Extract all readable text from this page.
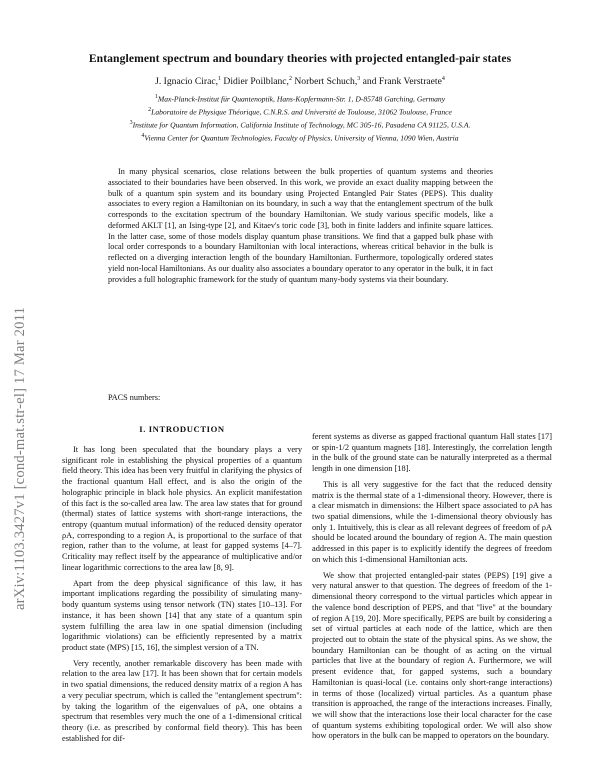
Entanglement spectrum and boundary theories with projected entangled-pair states
J. Ignacio Cirac,$^1$ Didier Poilblanc,$^2$ Norbert Schuch,$^3$ and Frank Verstraete$^4$
$^1$Max-Planck-Institut für Quantenoptik, Hans-Kopfermann-Str. 1, D-85748 Garching, Germany
$^2$Laboratoire de Physique Théorique, C.N.R.S. and Université de Toulouse, 31062 Toulouse, France
$^3$Institute for Quantum Information, California Institute of Technology, MC 305-16, Pasadena CA 91125, U.S.A.
$^4$Vienna Center for Quantum Technologies, Faculty of Physics, University of Vienna, 1090 Wien, Austria
In many physical scenarios, close relations between the bulk properties of quantum systems and theories associated to their boundaries have been observed. In this work, we provide an exact duality mapping between the bulk of a quantum spin system and its boundary using Projected Entangled Pair States (PEPS). This duality associates to every region a Hamiltonian on its boundary, in such a way that the entanglement spectrum of the bulk corresponds to the excitation spectrum of the boundary Hamiltonian. We study various specific models, like a deformed AKLT [1], an Ising-type [2], and Kitaev's toric code [3], both in finite ladders and infinite square lattices. In the latter case, some of those models display quantum phase transitions. We find that a gapped bulk phase with local order corresponds to a boundary Hamiltonian with local interactions, whereas critical behavior in the bulk is reflected on a diverging interaction length of the boundary Hamiltonian. Furthermore, topologically ordered states yield non-local Hamiltonians. As our duality also associates a boundary operator to any operator in the bulk, it in fact provides a full holographic framework for the study of quantum many-body systems via their boundary.
PACS numbers:
arXiv:1103.3427v1 [cond-mat.str-el] 17 Mar 2011	I. INTRODUCTION

It has long been speculated that the boundary plays a very significant role in establishing the physical properties of a quantum field theory. This idea has been very fruitful in clarifying the physics of the fractional quantum Hall effect, and is also the origin of the holographic principle in black hole physics. An explicit manifestation of this fact is the so-called area law. The area law states that for ground (thermal) states of lattice systems with short-range interactions, the entropy (quantum mutual information) of the reduced density operator ρA, corresponding to a region A, is proportional to the surface of that region, rather than to the volume, at least for gapped systems [4–7]. Criticality may reflect itself by the appearance of multiplicative and/or linear logarithmic corrections to the area law [8, 9].

Apart from the deep physical significance of this law, it has important implications regarding the possibility of simulating many-body quantum systems using tensor network (TN) states [10–13]. For instance, it has been shown [14] that any state of a quantum spin system fulfilling the area law in one spatial dimension (including logarithmic violations) can be efficiently represented by a matrix product state (MPS) [15, 16], the simplest version of a TN.

Very recently, another remarkable discovery has been made with relation to the area law [17]. It has been shown that for certain models in two spatial dimensions, the reduced density matrix of a region A has a very peculiar spectrum, which is called the "entanglement spectrum": by taking the logarithm of the eigenvalues of ρA, one obtains a spectrum that resembles very much the one of a 1-dimensional critical theory (i.e. as prescribed by conformal field theory). This has been established for dif-

ferent systems as diverse as gapped fractional quantum Hall states [17] or spin-1/2 quantum magnets [18]. Interestingly, the correlation length in the bulk of the ground state can be naturally interpreted as a thermal length in one dimension [18].

This is all very suggestive for the fact that the reduced density matrix is the thermal state of a 1-dimensional theory. However, there is a clear mismatch in dimensions: the Hilbert space associated to ρA has two spatial dimensions, while the 1-dimensional theory obviously has only 1. Intuitively, this is clear as all relevant degrees of freedom of ρA should be located around the boundary of region A. The main question addressed in this paper is to explicitly identify the degrees of freedom on which this 1-dimensional Hamiltonian acts.

We show that projected entangled-pair states (PEPS) [19] give a very natural answer to that question. The degrees of freedom of the 1-dimensional theory correspond to the virtual particles which appear in the valence bond description of PEPS, and that "live" at the boundary of region A [19, 20]. More specifically, PEPS are built by considering a set of virtual particles at each node of the lattice, which are then projected out to obtain the state of the physical spins. As we show, the boundary Hamiltonian can be thought of as acting on the virtual particles that live at the boundary of region A. Furthermore, we will present evidence that, for gapped systems, such a boundary Hamiltonian is quasi-local (i.e. contains only short-range interactions) in terms of those (localized) virtual particles. As a quantum phase transition is approached, the range of the interactions increases. Finally, we will show that the interactions lose their local character for the case of quantum systems exhibiting topological order. We will also show how operators in the bulk can be mapped to operators on the boundary.
